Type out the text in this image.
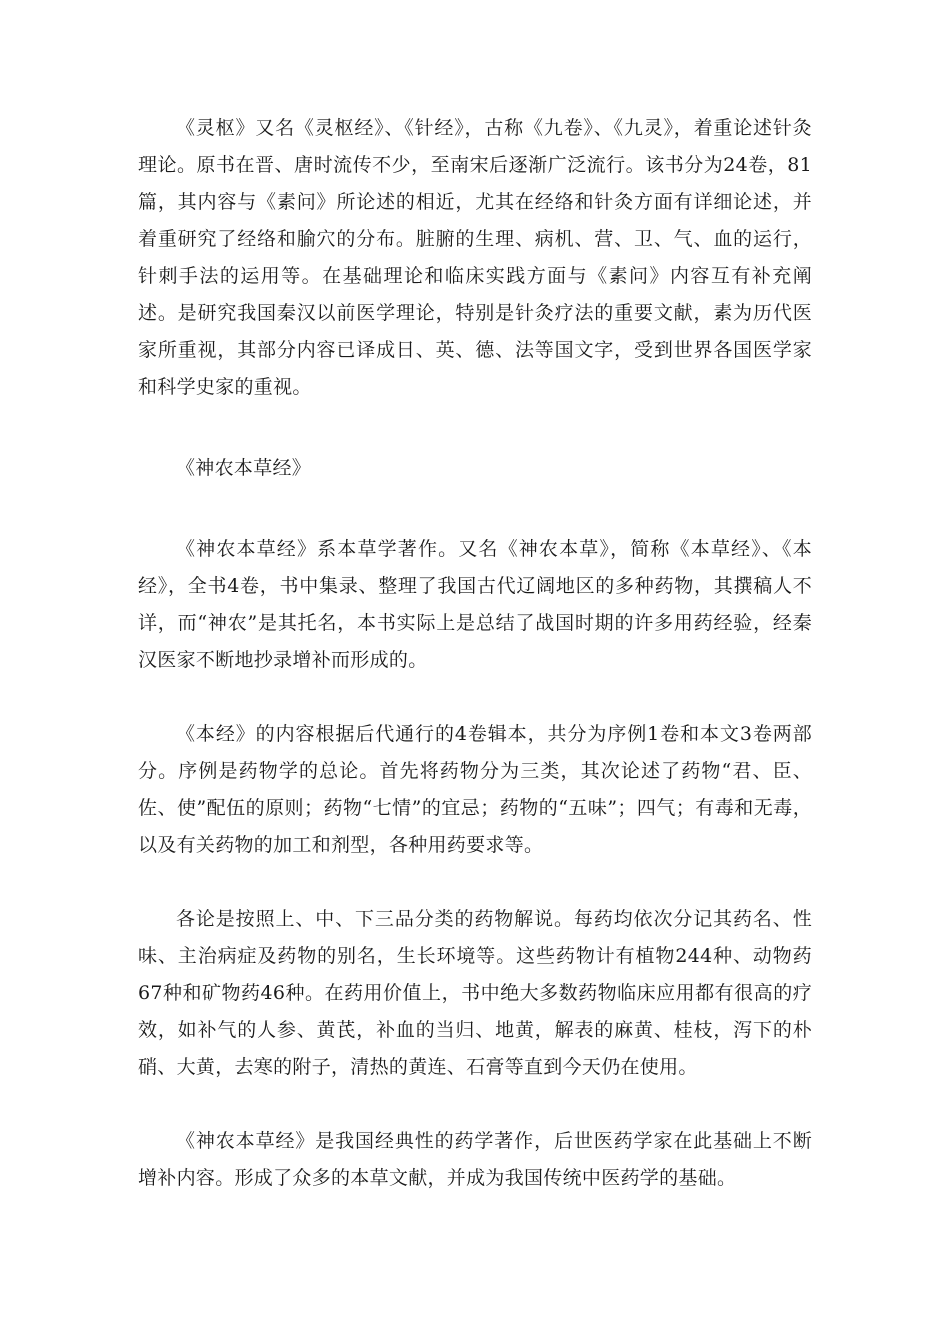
《灵枢》又名《灵枢经》、《针经》，古称《九卷》、《九灵》，着重论述针灸理论。原书在晋、唐时流传不少，至南宋后逐渐广泛流行。该书分为24卷，81篇，其内容与《素问》所论述的相近，尤其在经络和针灸方面有详细论述，并着重研究了经络和腧穴的分布。脏腑的生理、病机、营、卫、气、血的运行，针刺手法的运用等。在基础理论和临床实践方面与《素问》内容互有补充阐述。是研究我国秦汉以前医学理论，特别是针灸疗法的重要文献，素为历代医家所重视，其部分内容已译成日、英、德、法等国文字，受到世界各国医学家和科学史家的重视。

《神农本草经》

《神农本草经》系本草学著作。又名《神农本草》，简称《本草经》、《本经》，全书4卷，书中集录、整理了我国古代辽阔地区的多种药物，其撰稿人不详，而“神农”是其托名，本书实际上是总结了战国时期的许多用药经验，经秦汉医家不断地抄录增补而形成的。

《本经》的内容根据后代通行的4卷辑本，共分为序例1卷和本文3卷两部分。序例是药物学的总论。首先将药物分为三类，其次论述了药物“君、臣、佐、使”配伍的原则；药物“七情”的宜忌；药物的“五味”；四气；有毒和无毒，以及有关药物的加工和剂型，各种用药要求等。

各论是按照上、中、下三品分类的药物解说。每药均依次分记其药名、性味、主治病症及药物的别名，生长环境等。这些药物计有植物244种、动物药67种和矿物药46种。在药用价值上，书中绝大多数药物临床应用都有很高的疗效，如补气的人参、黄芪，补血的当归、地黄，解表的麻黄、桂枝，泻下的朴硝、大黄，去寒的附子，清热的黄连、石膏等直到今天仍在使用。

《神农本草经》是我国经典性的药学著作，后世医药学家在此基础上不断增补内容。形成了众多的本草文献，并成为我国传统中医药学的基础。
